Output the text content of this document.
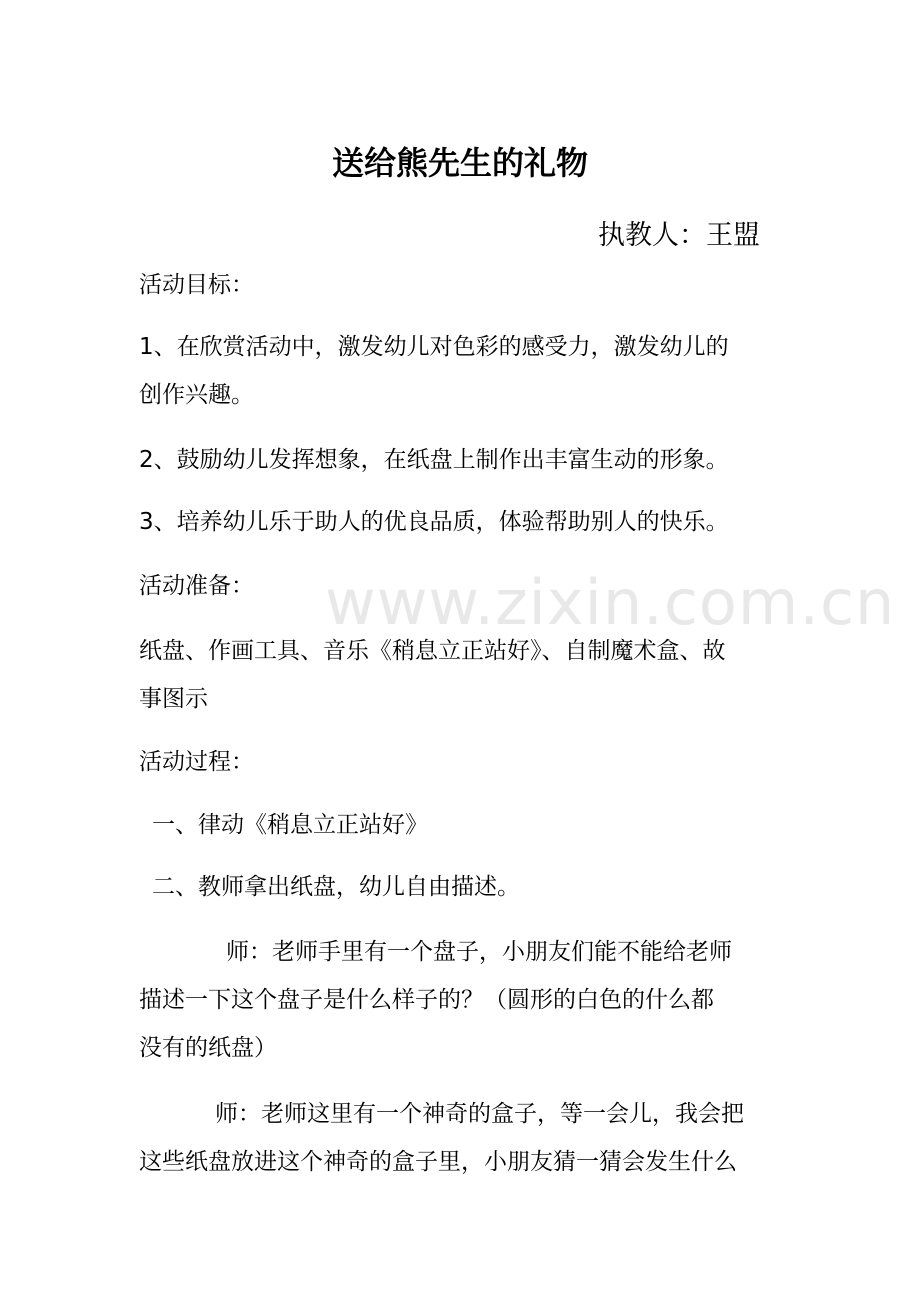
www.zixin.com.cn
送给熊先生的礼物
执教人：王盟
活动目标：
1、在欣赏活动中，激发幼儿对色彩的感受力，激发幼儿的
创作兴趣。
2、鼓励幼儿发挥想象，在纸盘上制作出丰富生动的形象。
3、培养幼儿乐于助人的优良品质，体验帮助别人的快乐。
活动准备：
纸盘、作画工具、音乐《稍息立正站好》、自制魔术盒、故
事图示
活动过程：
一、律动《稍息立正站好》
二、教师拿出纸盘，幼儿自由描述。
师：老师手里有一个盘子，小朋友们能不能给老师
描述一下这个盘子是什么样子的？（圆形的白色的什么都
没有的纸盘）
师：老师这里有一个神奇的盒子，等一会儿，我会把
这些纸盘放进这个神奇的盒子里，小朋友猜一猜会发生什么
